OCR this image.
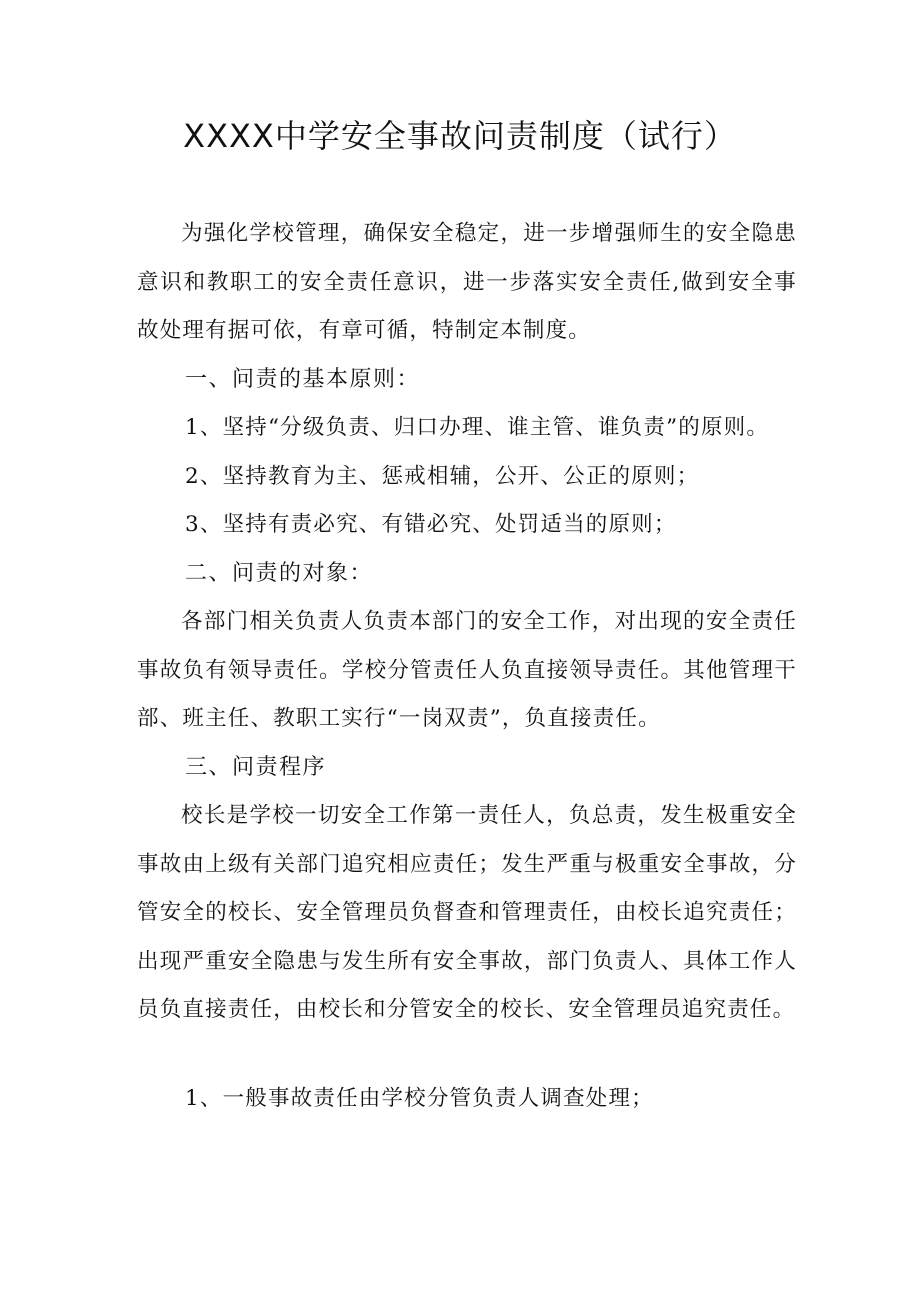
XXXX中学安全事故问责制度（试行）

为强化学校管理，确保安全稳定，进一步增强师生的安全隐患意识和教职工的安全责任意识，进一步落实安全责任,做到安全事故处理有据可依，有章可循，特制定本制度。

一、问责的基本原则：

1、坚持“分级负责、归口办理、谁主管、谁负责”的原则。

2、坚持教育为主、惩戒相辅，公开、公正的原则；

3、坚持有责必究、有错必究、处罚适当的原则；

二、问责的对象：

各部门相关负责人负责本部门的安全工作，对出现的安全责任事故负有领导责任。学校分管责任人负直接领导责任。其他管理干部、班主任、教职工实行“一岗双责”，负直接责任。

三、问责程序

校长是学校一切安全工作第一责任人，负总责，发生极重安全事故由上级有关部门追究相应责任；发生严重与极重安全事故，分管安全的校长、安全管理员负督查和管理责任，由校长追究责任；出现严重安全隐患与发生所有安全事故，部门负责人、具体工作人员负直接责任，由校长和分管安全的校长、安全管理员追究责任。

1、一般事故责任由学校分管负责人调查处理；
